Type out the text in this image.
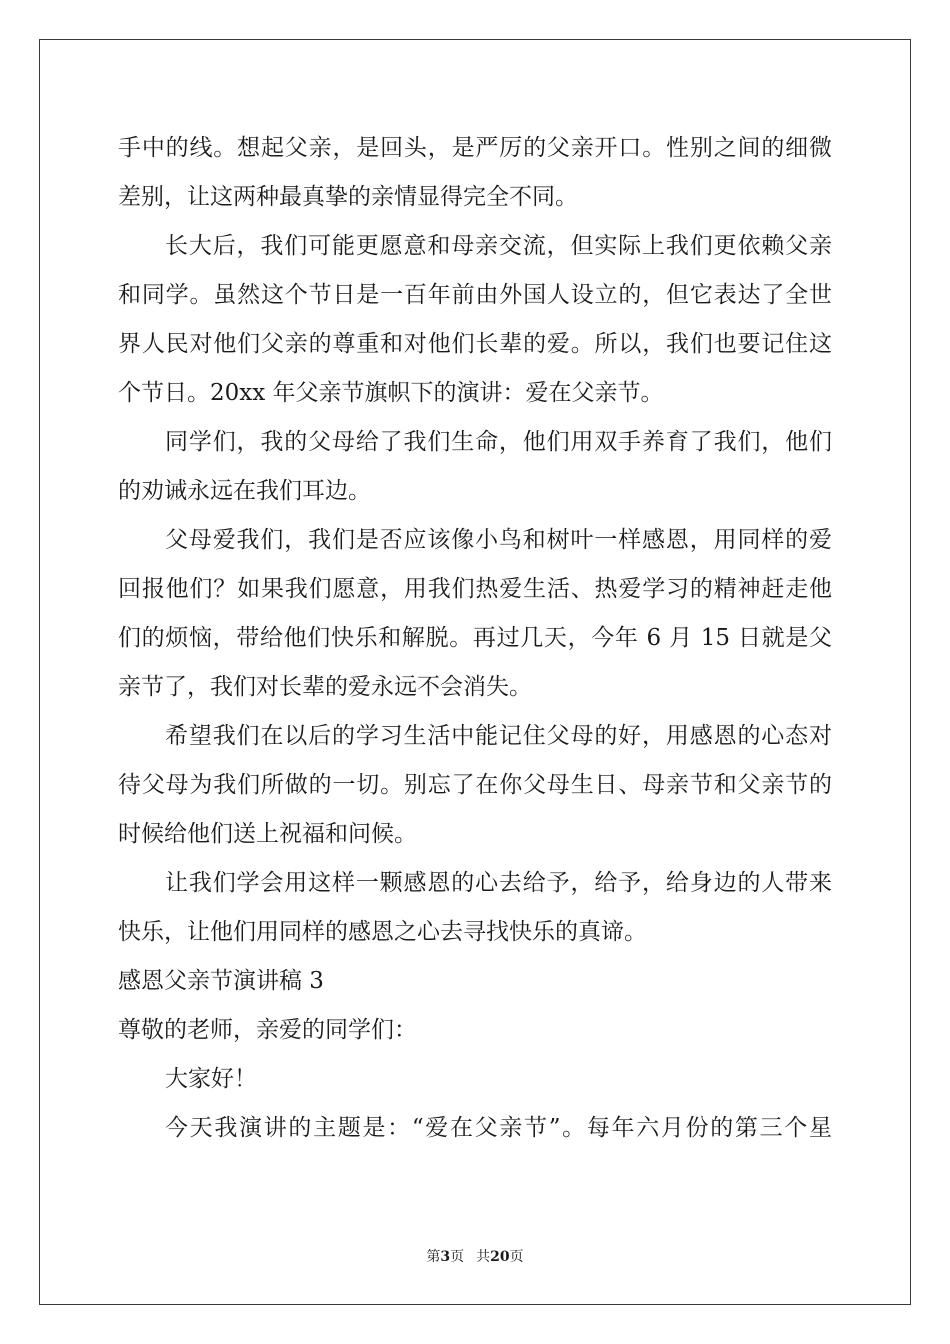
手中的线。想起父亲，是回头，是严厉的父亲开口。性别之间的细微
差别，让这两种最真挚的亲情显得完全不同。
长大后，我们可能更愿意和母亲交流，但实际上我们更依赖父亲
和同学。虽然这个节日是一百年前由外国人设立的，但它表达了全世
界人民对他们父亲的尊重和对他们长辈的爱。所以，我们也要记住这
个节日。20xx 年父亲节旗帜下的演讲：爱在父亲节。
同学们，我的父母给了我们生命，他们用双手养育了我们，他们
的劝诫永远在我们耳边。
父母爱我们，我们是否应该像小鸟和树叶一样感恩，用同样的爱
回报他们？如果我们愿意，用我们热爱生活、热爱学习的精神赶走他
们的烦恼，带给他们快乐和解脱。再过几天，今年 6 月 15 日就是父
亲节了，我们对长辈的爱永远不会消失。
希望我们在以后的学习生活中能记住父母的好，用感恩的心态对
待父母为我们所做的一切。别忘了在你父母生日、母亲节和父亲节的
时候给他们送上祝福和问候。
让我们学会用这样一颗感恩的心去给予，给予，给身边的人带来
快乐，让他们用同样的感恩之心去寻找快乐的真谛。
感恩父亲节演讲稿 3
尊敬的老师，亲爱的同学们：
大家好！
今天我演讲的主题是：“爱在父亲节”。每年六月份的第三个星
第3页 共20页
